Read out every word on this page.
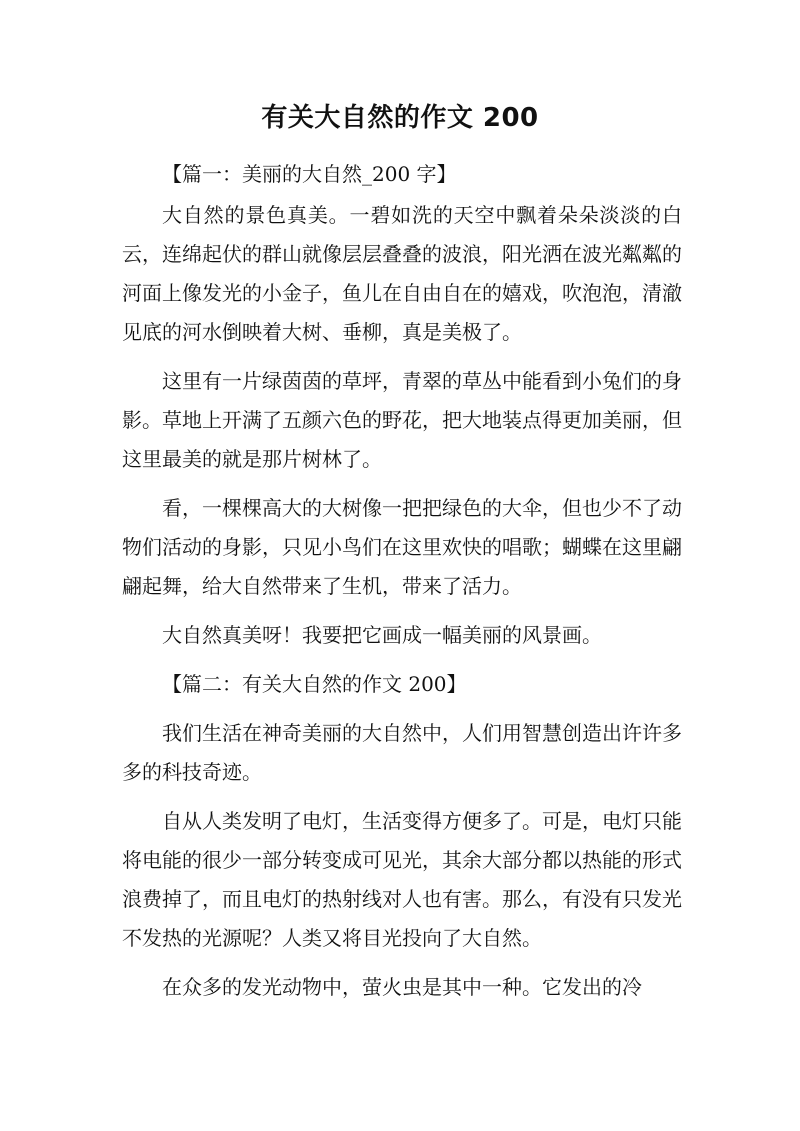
有关大自然的作文 200

【篇一：美丽的大自然_200 字】

大自然的景色真美。一碧如洗的天空中飘着朵朵淡淡的白云，连绵起伏的群山就像层层叠叠的波浪，阳光洒在波光粼粼的河面上像发光的小金子，鱼儿在自由自在的嬉戏，吹泡泡，清澈见底的河水倒映着大树、垂柳，真是美极了。

这里有一片绿茵茵的草坪，青翠的草丛中能看到小兔们的身影。草地上开满了五颜六色的野花，把大地装点得更加美丽，但这里最美的就是那片树林了。

看，一棵棵高大的大树像一把把绿色的大伞，但也少不了动物们活动的身影，只见小鸟们在这里欢快的唱歌；蝴蝶在这里翩翩起舞，给大自然带来了生机，带来了活力。

大自然真美呀！我要把它画成一幅美丽的风景画。

【篇二：有关大自然的作文 200】

我们生活在神奇美丽的大自然中，人们用智慧创造出许许多多的科技奇迹。

自从人类发明了电灯，生活变得方便多了。可是，电灯只能将电能的很少一部分转变成可见光，其余大部分都以热能的形式浪费掉了，而且电灯的热射线对人也有害。那么，有没有只发光不发热的光源呢？人类又将目光投向了大自然。

在众多的发光动物中，萤火虫是其中一种。它发出的冷
